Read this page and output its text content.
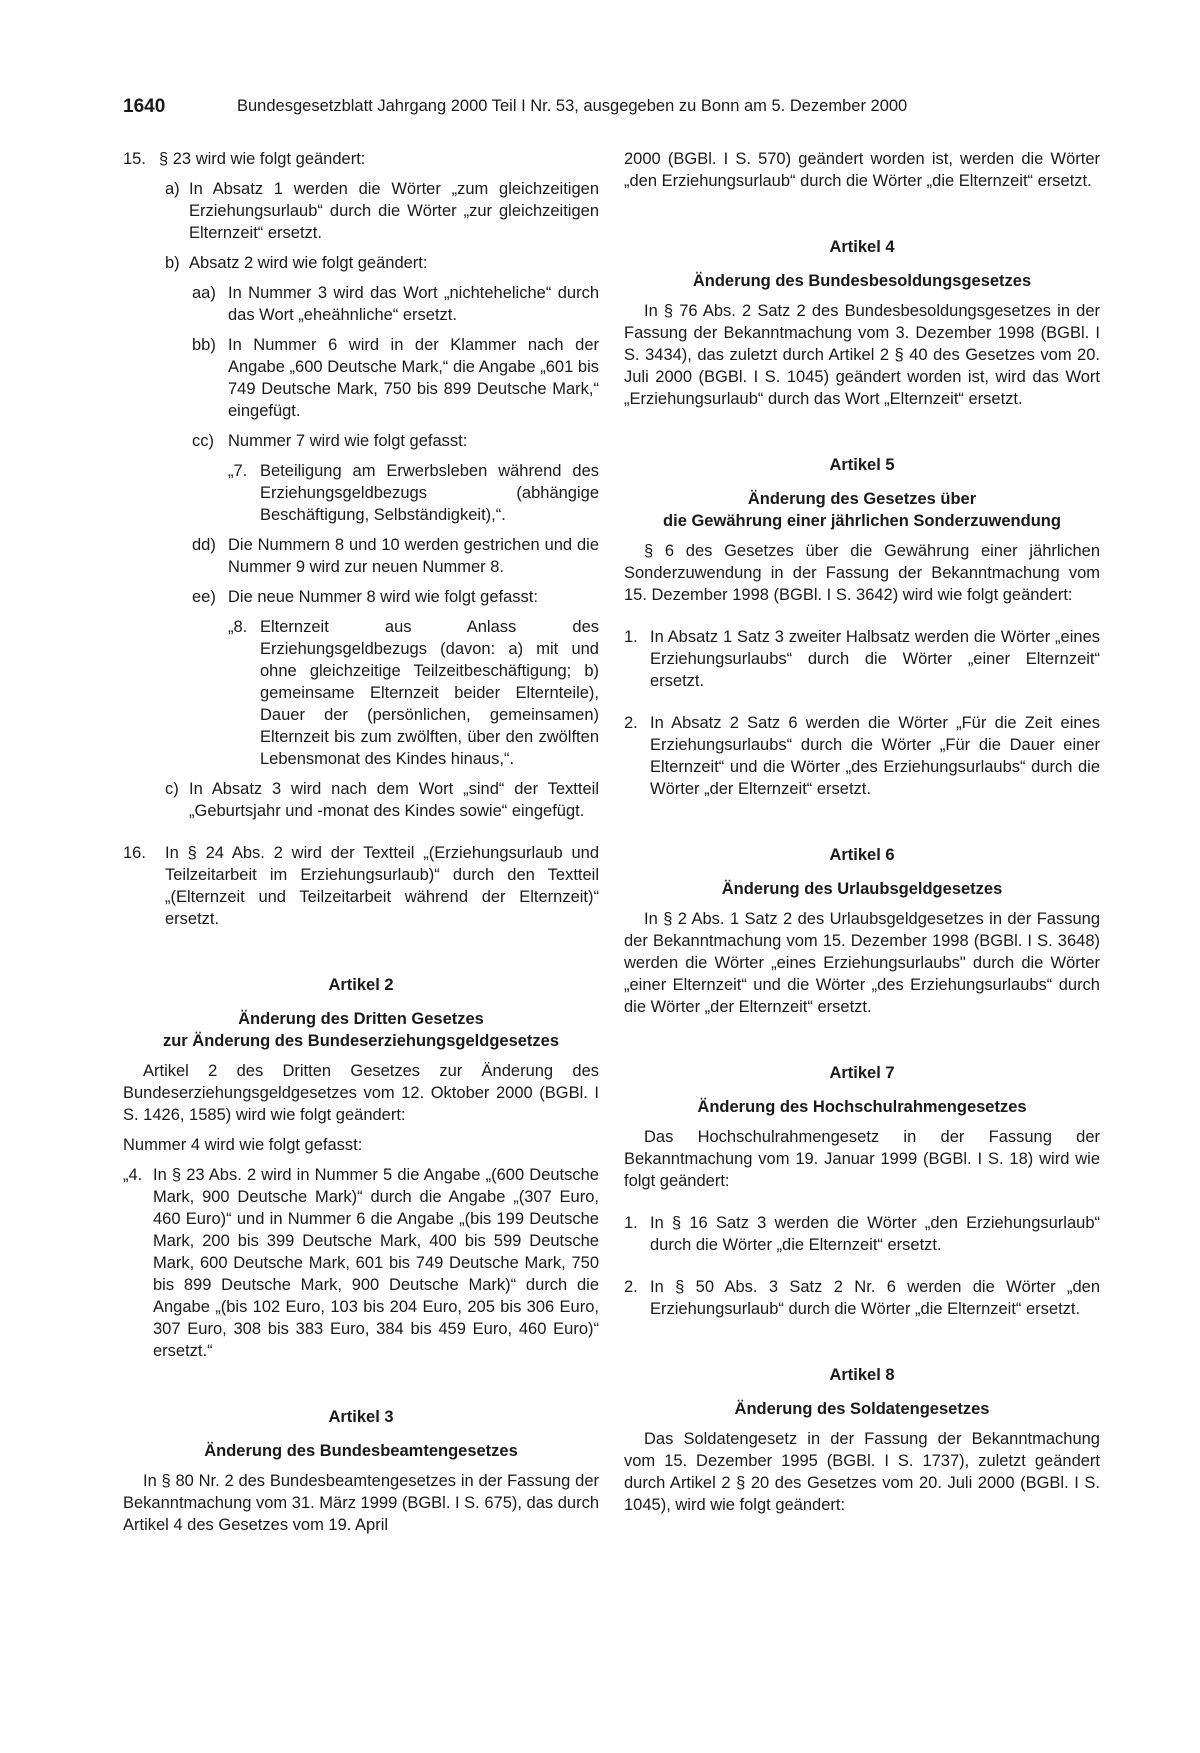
1640	Bundesgesetzblatt Jahrgang 2000 Teil I Nr. 53, ausgegeben zu Bonn am 5. Dezember 2000
15. § 23 wird wie folgt geändert:
a) In Absatz 1 werden die Wörter „zum gleichzeitigen Erziehungsurlaub“ durch die Wörter „zur gleichzeitigen Elternzeit“ ersetzt.
b) Absatz 2 wird wie folgt geändert:
aa) In Nummer 3 wird das Wort „nichteheliche“ durch das Wort „eheähnliche“ ersetzt.
bb) In Nummer 6 wird in der Klammer nach der Angabe „600 Deutsche Mark,“ die Angabe „601 bis 749 Deutsche Mark, 750 bis 899 Deutsche Mark,“ eingefügt.
cc) Nummer 7 wird wie folgt gefasst:
„7. Beteiligung am Erwerbsleben während des Erziehungsgeldbezugs (abhängige Beschäftigung, Selbständigkeit),“.
dd) Die Nummern 8 und 10 werden gestrichen und die Nummer 9 wird zur neuen Nummer 8.
ee) Die neue Nummer 8 wird wie folgt gefasst:
„8. Elternzeit aus Anlass des Erziehungsgeldbezugs (davon: a) mit und ohne gleichzeitige Teilzeitbeschäftigung; b) gemeinsame Elternzeit beider Elternteile), Dauer der (persönlichen, gemeinsamen) Elternzeit bis zum zwölften, über den zwölften Lebensmonat des Kindes hinaus,“.
c) In Absatz 3 wird nach dem Wort „sind“ der Textteil „Geburtsjahr und -monat des Kindes sowie“ eingefügt.
16.	In § 24 Abs. 2 wird der Textteil „(Erziehungsurlaub und Teilzeitarbeit im Erziehungsurlaub)“ durch den Textteil „(Elternzeit und Teilzeitarbeit während der Elternzeit)“ ersetzt.
Artikel 2
Änderung des Dritten Gesetzes
zur Änderung des Bundeserziehungsgeldgesetzes

Artikel 2 des Dritten Gesetzes zur Änderung des Bundeserziehungsgeldgesetzes vom 12. Oktober 2000 (BGBl. I S. 1426, 1585) wird wie folgt geändert:

Nummer 4 wird wie folgt gefasst:

„4. In § 23 Abs. 2 wird in Nummer 5 die Angabe „(600 Deutsche Mark, 900 Deutsche Mark)“ durch die Angabe „(307 Euro, 460 Euro)“ und in Nummer 6 die Angabe „(bis 199 Deutsche Mark, 200 bis 399 Deutsche Mark, 400 bis 599 Deutsche Mark, 600 Deutsche Mark, 601 bis 749 Deutsche Mark, 750 bis 899 Deutsche Mark, 900 Deutsche Mark)“ durch die Angabe „(bis 102 Euro, 103 bis 204 Euro, 205 bis 306 Euro, 307 Euro, 308 bis 383 Euro, 384 bis 459 Euro, 460 Euro)“ ersetzt.“
Artikel 3
Änderung des Bundesbeamtengesetzes

In § 80 Nr. 2 des Bundesbeamtengesetzes in der Fassung der Bekanntmachung vom 31. März 1999 (BGBl. I S. 675), das durch Artikel 4 des Gesetzes vom 19. April

2000 (BGBl. I S. 570) geändert worden ist, werden die Wörter „den Erziehungsurlaub“ durch die Wörter „die Elternzeit“ ersetzt.

Artikel 4
Änderung des Bundesbesoldungsgesetzes

In § 76 Abs. 2 Satz 2 des Bundesbesoldungsgesetzes in der Fassung der Bekanntmachung vom 3. Dezember 1998 (BGBl. I S. 3434), das zuletzt durch Artikel 2 § 40 des Gesetzes vom 20. Juli 2000 (BGBl. I S. 1045) geändert worden ist, wird das Wort „Erziehungsurlaub“ durch das Wort „Elternzeit“ ersetzt.

Artikel 5
Änderung des Gesetzes über
die Gewährung einer jährlichen Sonderzuwendung

§ 6 des Gesetzes über die Gewährung einer jährlichen Sonderzuwendung in der Fassung der Bekanntmachung vom 15. Dezember 1998 (BGBl. I S. 3642) wird wie folgt geändert:

1. In Absatz 1 Satz 3 zweiter Halbsatz werden die Wörter „eines Erziehungsurlaubs“ durch die Wörter „einer Elternzeit“ ersetzt.
2. In Absatz 2 Satz 6 werden die Wörter „Für die Zeit eines Erziehungsurlaubs“ durch die Wörter „Für die Dauer einer Elternzeit“ und die Wörter „des Erziehungsurlaubs“ durch die Wörter „der Elternzeit“ ersetzt.
Artikel 6
Änderung des Urlaubsgeldgesetzes

In § 2 Abs. 1 Satz 2 des Urlaubsgeldgesetzes in der Fassung der Bekanntmachung vom 15. Dezember 1998 (BGBl. I S. 3648) werden die Wörter „eines Erziehungsurlaubs" durch die Wörter „einer Elternzeit“ und die Wörter „des Erziehungsurlaubs“ durch die Wörter „der Elternzeit“ ersetzt.

Artikel 7
Änderung des Hochschulrahmengesetzes

Das Hochschulrahmengesetz in der Fassung der Bekanntmachung vom 19. Januar 1999 (BGBl. I S. 18) wird wie folgt geändert:

1. In § 16 Satz 3 werden die Wörter „den Erziehungsurlaub“ durch die Wörter „die Elternzeit“ ersetzt.
2. In § 50 Abs. 3 Satz 2 Nr. 6 werden die Wörter „den Erziehungsurlaub“ durch die Wörter „die Elternzeit“ ersetzt.
Artikel 8
Änderung des Soldatengesetzes

Das Soldatengesetz in der Fassung der Bekanntmachung vom 15. Dezember 1995 (BGBl. I S. 1737), zuletzt geändert durch Artikel 2 § 20 des Gesetzes vom 20. Juli 2000 (BGBl. I S. 1045), wird wie folgt geändert:
